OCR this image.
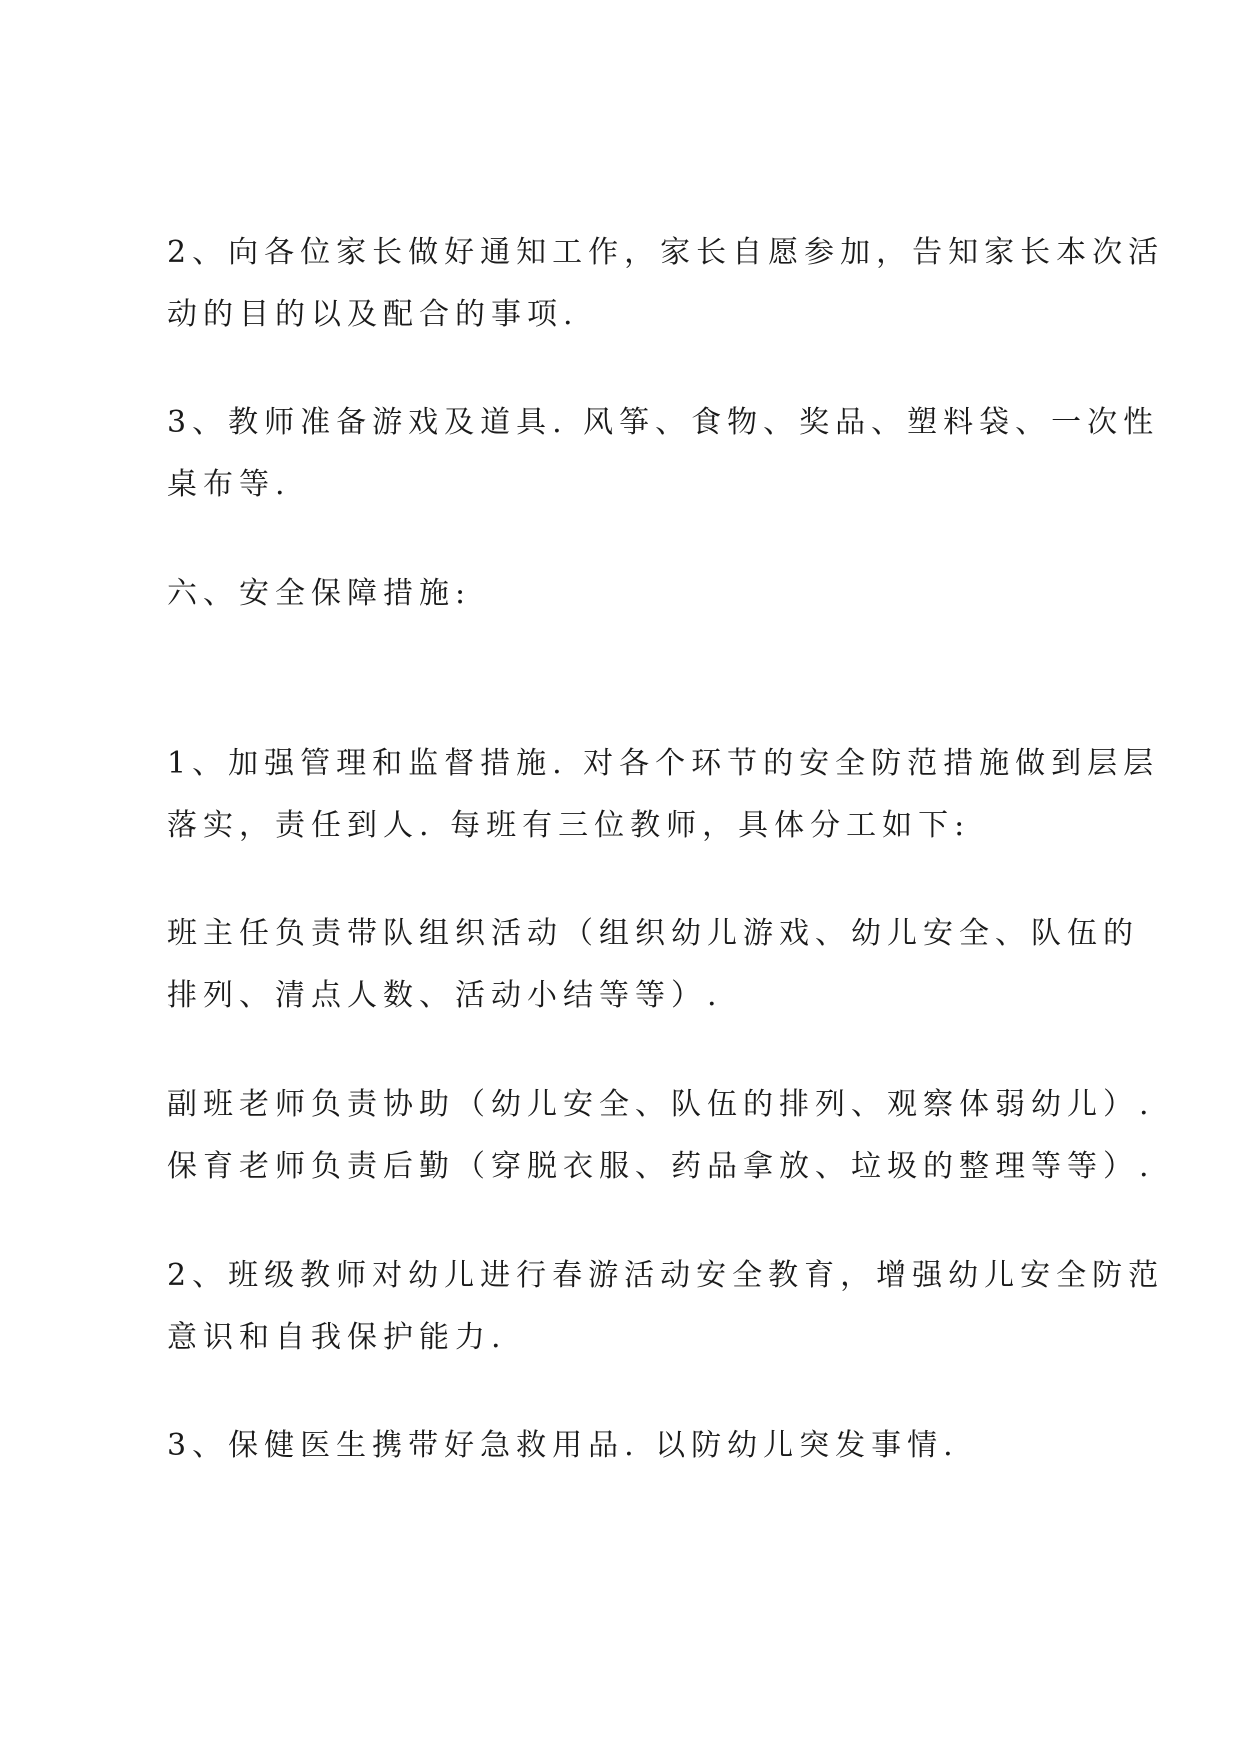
2、向各位家长做好通知工作，家长自愿参加，告知家长本次活
动的目的以及配合的事项.

3、教师准备游戏及道具. 风筝、食物、奖品、塑料袋、一次性
桌布等.

六、安全保障措施:

1、加强管理和监督措施. 对各个环节的安全防范措施做到层层
落实，责任到人. 每班有三位教师，具体分工如下:

班主任负责带队组织活动（组织幼儿游戏、幼儿安全、队伍的
排列、清点人数、活动小结等等）.

副班老师负责协助（幼儿安全、队伍的排列、观察体弱幼儿）.
保育老师负责后勤（穿脱衣服、药品拿放、垃圾的整理等等）.

2、班级教师对幼儿进行春游活动安全教育，增强幼儿安全防范
意识和自我保护能力.

3、保健医生携带好急救用品. 以防幼儿突发事情.
